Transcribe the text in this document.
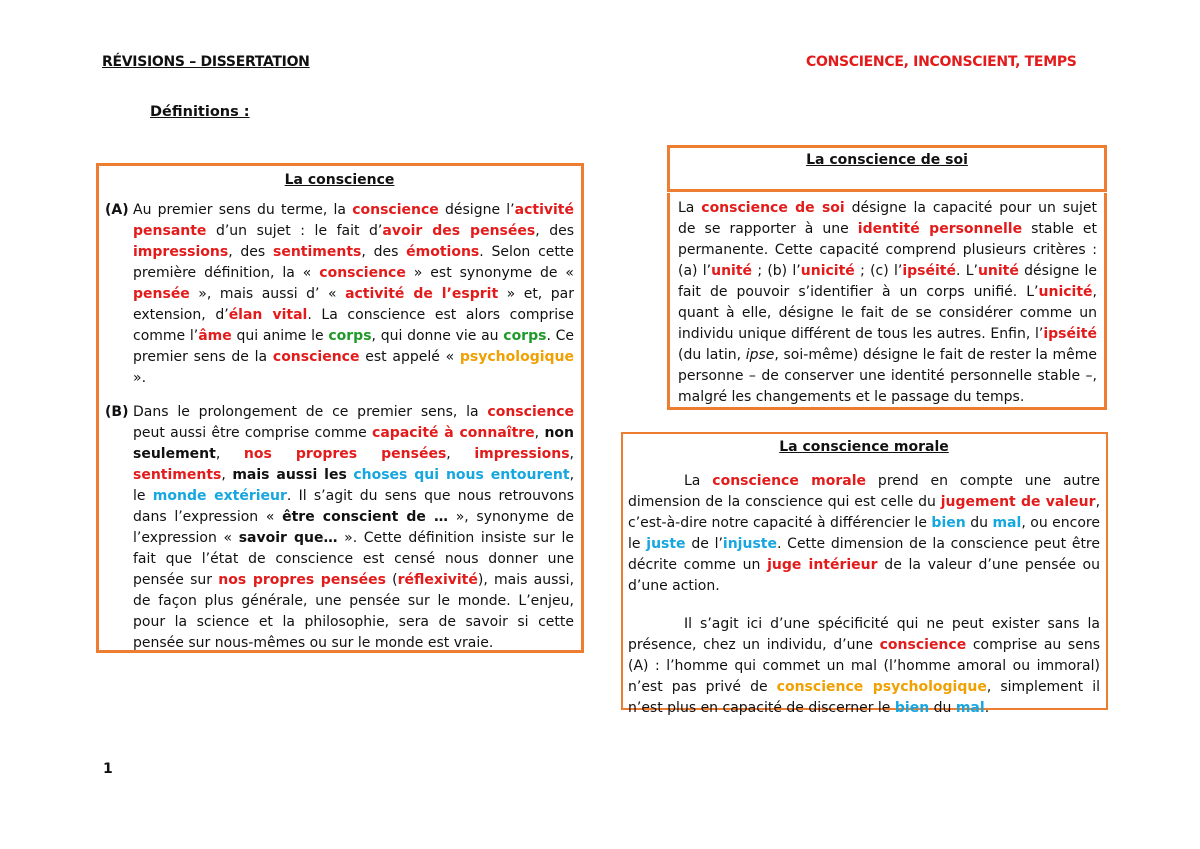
RÉVISIONS – DISSERTATION	CONSCIENCE, INCONSCIENT, TEMPS
Définitions :
La conscience
(A) Au premier sens du terme, la conscience désigne l’activité pensante d’un sujet : le fait d’avoir des pensées, des impressions, des sentiments, des émotions. Selon cette première définition, la « conscience » est synonyme de « pensée », mais aussi d’ « activité de l’esprit » et, par extension, d’élan vital. La conscience est alors comprise comme l’âme qui anime le corps, qui donne vie au corps. Ce premier sens de la conscience est appelé « psychologique ».
(B) Dans le prolongement de ce premier sens, la conscience peut aussi être comprise comme capacité à connaître, non seulement, nos propres pensées, impressions, sentiments, mais aussi les choses qui nous entourent, le monde extérieur. Il s’agit du sens que nous retrouvons dans l’expression « être conscient de … », synonyme de l’expression « savoir que… ». Cette définition insiste sur le fait que l’état de conscience est censé nous donner une pensée sur nos propres pensées (réflexivité), mais aussi, de façon plus générale, une pensée sur le monde. L’enjeu, pour la science et la philosophie, sera de savoir si cette pensée sur nous-mêmes ou sur le monde est vraie.
La conscience de soi
La conscience de soi désigne la capacité pour un sujet de se rapporter à une identité personnelle stable et permanente. Cette capacité comprend plusieurs critères : (a) l’unité ; (b) l’unicité ; (c) l’ipséité. L’unité désigne le fait de pouvoir s’identifier à un corps unifié. L’unicité, quant à elle, désigne le fait de se considérer comme un individu unique différent de tous les autres. Enfin, l’ipséité (du latin, ipse, soi-même) désigne le fait de rester la même personne – de conserver une identité personnelle stable –, malgré les changements et le passage du temps.
La conscience morale
La conscience morale prend en compte une autre dimension de la conscience qui est celle du jugement de valeur, c’est-à-dire notre capacité à différencier le bien du mal, ou encore le juste de l’injuste. Cette dimension de la conscience peut être décrite comme un juge intérieur de la valeur d’une pensée ou d’une action.
Il s’agit ici d’une spécificité qui ne peut exister sans la présence, chez un individu, d’une conscience comprise au sens (A) : l’homme qui commet un mal (l’homme amoral ou immoral) n’est pas privé de conscience psychologique, simplement il n’est plus en capacité de discerner le bien du mal.
1
